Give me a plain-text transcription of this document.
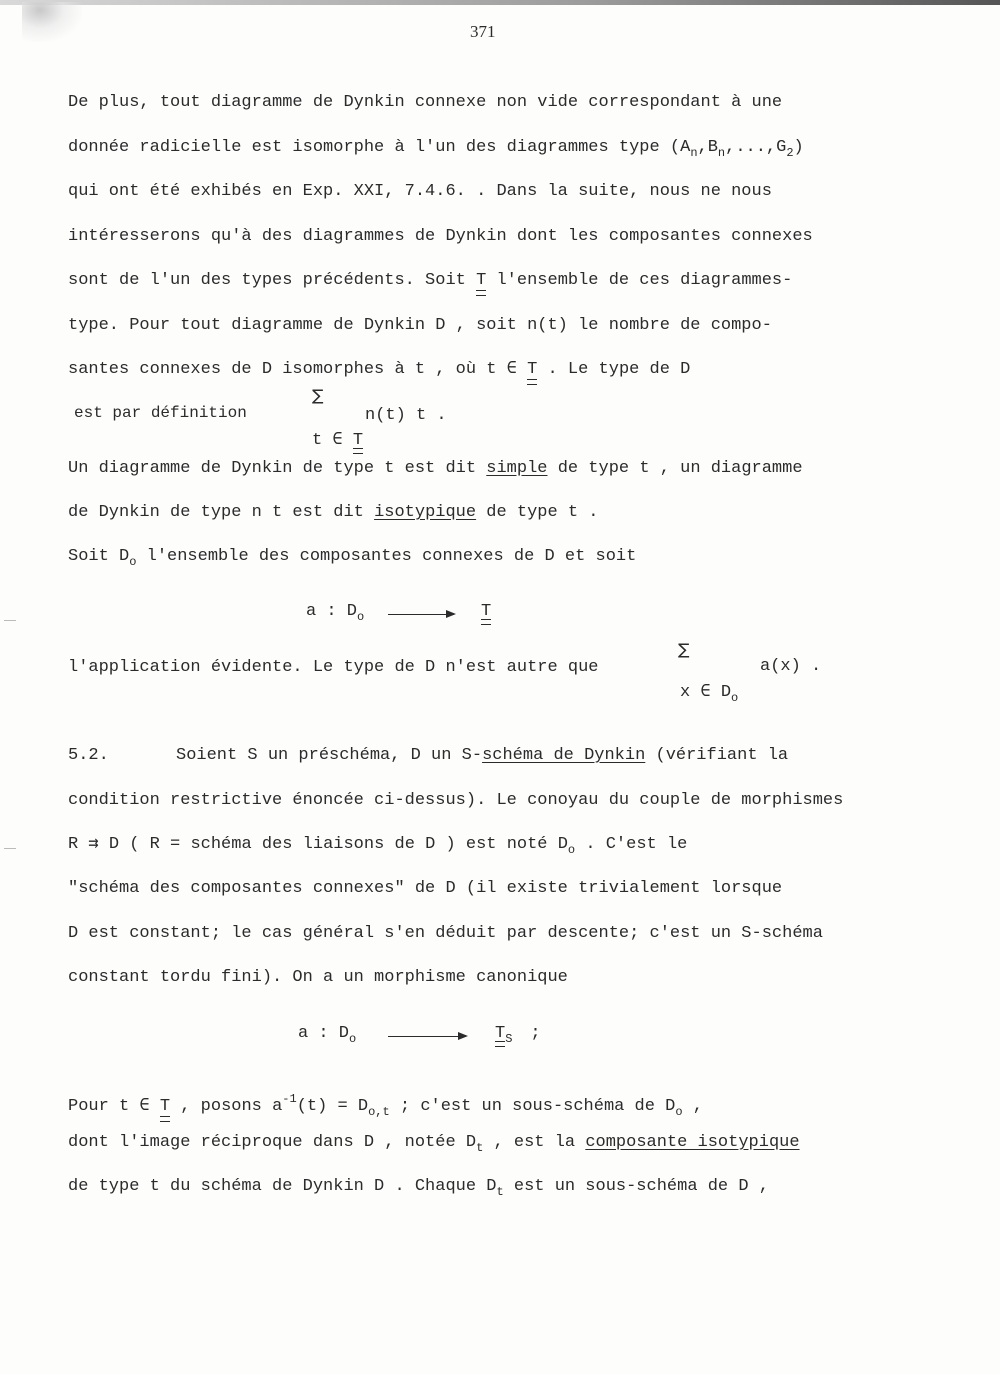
371
De plus, tout diagramme de Dynkin connexe non vide correspondant à une
donnée radicielle est isomorphe à l'un des diagrammes type $(A_n,B_n,...,G_2)$
qui ont été exhibés en Exp. XXI, 7.4.6. . Dans la suite, nous ne nous
intéresserons qu'à des diagrammes de Dynkin dont les composantes connexes
sont de l'un des types précédents. Soit T l'ensemble de ces diagrammes-
type. Pour tout diagramme de Dynkin D , soit n(t) le nombre de compo-
santes connexes de D isomorphes à t , où t ∈ T . Le type de D
est par définition
∑
n(t) t .
t ∈ T
Un diagramme de Dynkin de type t est dit simple de type t , un diagramme
de Dynkin de type n t est dit isotypique de type t .
Soit $D_o$ l'ensemble des composantes connexes de D et soit
a : $D_o$	T
l'application évidente. Le type de D n'est autre que
∑
a(x) .
x ∈ $D_o$
5.2.	Soient S un préschéma, D un S-schéma de Dynkin (vérifiant la
condition restrictive énoncée ci-dessus). Le conoyau du couple de morphismes
R ⇉ D ( R = schéma des liaisons de D ) est noté $D_o$ . C'est le
"schéma des composantes connexes" de D (il existe trivialement lorsque
D est constant; le cas général s'en déduit par descente; c'est un S-schéma
constant tordu fini). On a un morphisme canonique
a : $D_o$	$T_S$ ;
Pour t ∈ T , posons $a^{-1}(t) = D_{o,t}$ ; c'est un sous-schéma de $D_o$ ,
dont l'image réciproque dans D , notée $D_t$ , est la composante isotypique
de type t du schéma de Dynkin D . Chaque $D_t$ est un sous-schéma de D ,
